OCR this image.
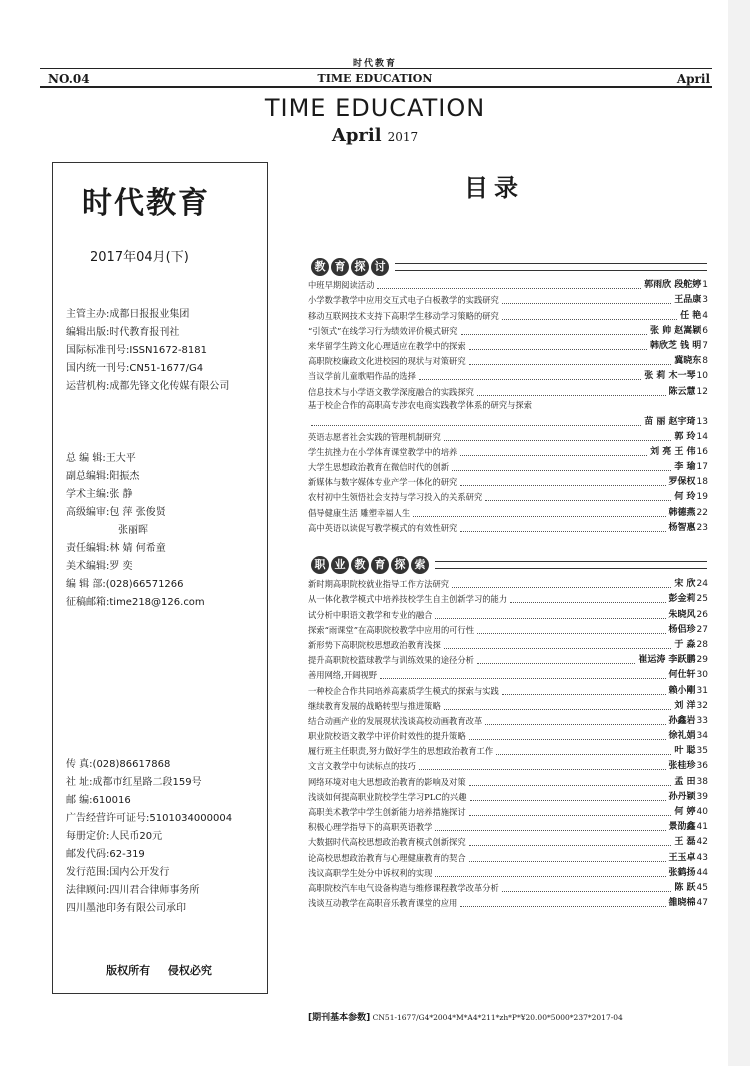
时代教育
NO.04	TIME EDUCATION	April
TIME EDUCATION
April 2017
时代教育
2017年04月(下)
主管主办:成都日报报业集团
编辑出版:时代教育报刊社
国际标准刊号:ISSN1672-8181
国内统一刊号:CN51-1677/G4
运营机构:成都先锋文化传媒有限公司
总 编 辑:王大平
副总编辑:阳振杰
学术主编:张 静
高级编审:包 萍 张俊贤
张丽晖
责任编辑:林 婧 何希童
美术编辑:罗 奕
编 辑 部:(028)66571266
征稿邮箱:time218@126.com
传 真:(028)86617868
社 址:成都市红星路二段159号
邮 编:610016
广告经营许可证号:5101034000004
每册定价:人民币20元
邮发代码:62-319
发行范围:国内公开发行
法律顾问:四川君合律师事务所
四川墨池印务有限公司承印
版权所有 侵权必究
目录
教 育 探 讨
中班早期阅读活动	郭雨欣 段舵婷 1
小学数学教学中应用交互式电子白板教学的实践研究	王品康 3
移动互联网技术支持下高职学生移动学习策略的研究	任 艳 4
“引领式”在线学习行为绩效评价模式研究	张 帅 赵嵩颖 6
来华留学生跨文化心理适应在教学中的探索	韩欣芝 钱 明 7
高职院校廉政文化进校园的现状与对策研究	冀晓东 8
当议学前儿童歌唱作品的选择	张 莉 木一琴 10
信息技术与小学语文教学深度融合的实践探究	陈云慧 12
基于校企合作的高职高专涉农电商实践教学体系的研究与探索
苗 丽 赵宇琦 13
英语志愿者社会实践的管理机制研究	郭 玲 14
学生抗挫力在小学体育课堂教学中的培养	刘 亮 王 伟 16
大学生思想政治教育在微信时代的创新	李 瑜 17
新媒体与数字媒体专业产学一体化的研究	罗保权 18
农村初中生领悟社会支持与学习投入的关系研究	何 玲 19
倡导健康生活 雕塑幸福人生	韩德燕 22
高中英语以读促写教学模式的有效性研究	杨智惠 23
职 业 教 育 探 索
新时期高职院校就业指导工作方法研究	宋 欣 24
从一体化教学模式中培养技校学生自主创新学习的能力	彭金莉 25
试分析中职语文教学和专业的融合	朱晓风 26
探索“雨课堂”在高职院校教学中应用的可行性	杨侣珍 27
新形势下高职院校思想政治教育浅探	于 淼 28
提升高职院校篮球教学与训练效果的途径分析	崔运涛 李跃鹏 29
善用网络,开阔视野	何仕轩 30
一种校企合作共同培养高素质学生模式的探索与实践	赖小剛 31
继续教育发展的战略转型与推进策略	刘 洋 32
结合动画产业的发展现状浅谈高校动画教育改革	孙鑫岩 33
职业院校语文教学中评价时效性的提升策略	徐礼娟 34
履行班主任职责,努力做好学生的思想政治教育工作	叶 聪 35
文言文教学中句读标点的技巧	张桂珍 36
网络环境对电大思想政治教育的影响及对策	孟 田 38
浅谈如何提高职业院校学生学习PLC的兴趣	孙丹颖 39
高职美术教学中学生创新能力培养措施探讨	何 婷 40
积极心理学指导下的高职英语教学	景劭鑫 41
大数据时代高校思想政治教育模式创新探究	王 磊 42
论高校思想政治教育与心理健康教育的契合	王玉卓 43
浅议高职学生处分中诉权利的实现	张鹤扬 44
高职院校汽车电气设备构造与维修课程教学改革分析	陈 跃 45
浅谈互动教学在高职音乐教育课堂的应用	雒晓棉 47
[期刊基本参数] CN51-1677/G4*2004*M*A4*211*zh*P*¥20.00*5000*237*2017-04
